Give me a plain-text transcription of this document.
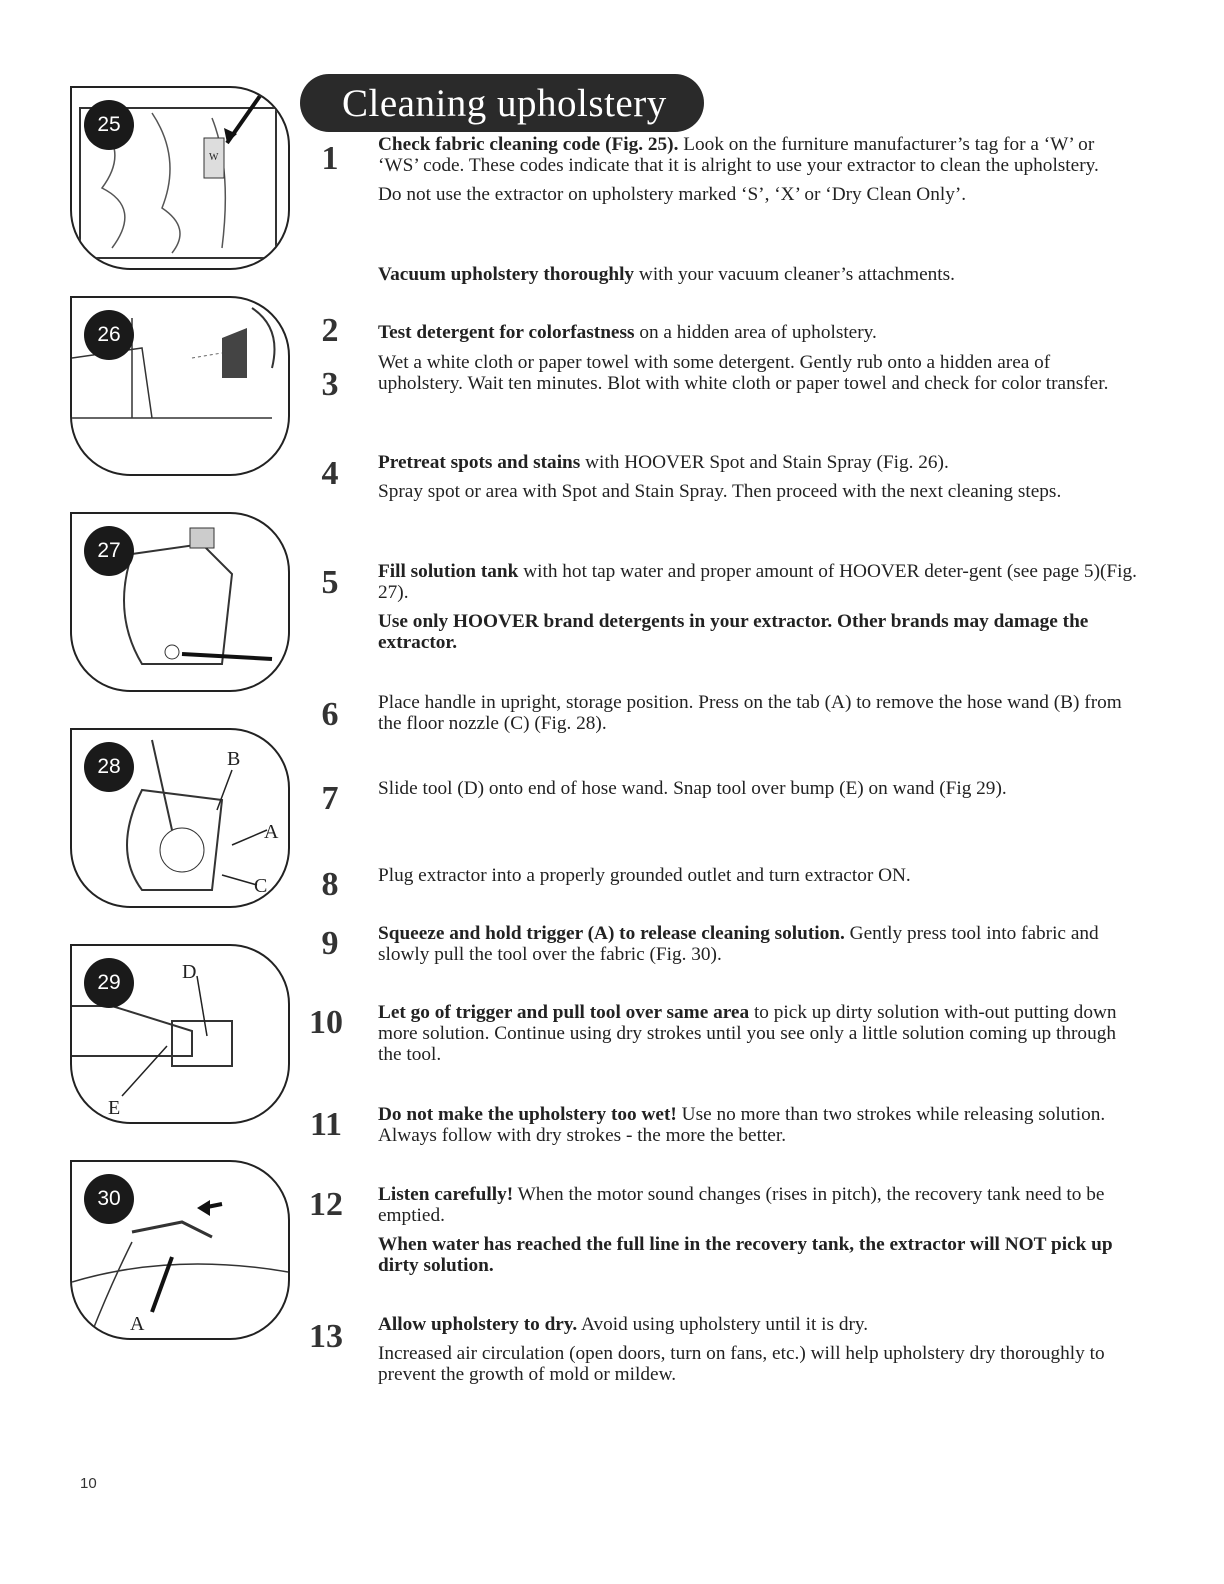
25
W
26
27
28	B
A
C
29	D
E
30
A
Cleaning upholstery
1	Check fabric cleaning code (Fig. 25). Look on the furniture manufacturer’s tag for a ‘W’ or ‘WS’ code. These codes indicate that it is alright to use your extractor to clean the upholstery.

Do not use the extractor on upholstery marked ‘S’, ‘X’ or ‘Dry Clean Only’.

Vacuum upholstery thoroughly with your vacuum cleaner’s attachments.

2	Test detergent for colorfastness on a hidden area of upholstery.

3

Wet a white cloth or paper towel with some detergent. Gently rub onto a hidden area of upholstery. Wait ten minutes. Blot with white cloth or paper towel and check for color transfer.

4	Pretreat spots and stains with HOOVER Spot and Stain Spray (Fig. 26).

Spray spot or area with Spot and Stain Spray. Then proceed with the next cleaning steps.

5	Fill solution tank with hot tap water and proper amount of HOOVER deter-gent (see page 5)(Fig. 27).

Use only HOOVER brand detergents in your extractor. Other brands may damage the extractor.

6	Place handle in upright, storage position. Press on the tab (A) to remove the hose wand (B) from the floor nozzle (C) (Fig. 28).

7	Slide tool (D) onto end of hose wand. Snap tool over bump (E) on wand (Fig 29).

8	Plug extractor into a properly grounded outlet and turn extractor ON.

9	Squeeze and hold trigger (A) to release cleaning solution. Gently press tool into fabric and slowly pull the tool over the fabric (Fig. 30).

10	Let go of trigger and pull tool over same area to pick up dirty solution with-out putting down more solution. Continue using dry strokes until you see only a little solution coming up through the tool.

11	Do not make the upholstery too wet! Use no more than two strokes while releasing solution. Always follow with dry strokes - the more the better.

12	Listen carefully! When the motor sound changes (rises in pitch), the recovery tank need to be emptied.

When water has reached the full line in the recovery tank, the extractor will NOT pick up dirty solution.

13	Allow upholstery to dry. Avoid using upholstery until it is dry.

Increased air circulation (open doors, turn on fans, etc.) will help upholstery dry thoroughly to prevent the growth of mold or mildew.

10
